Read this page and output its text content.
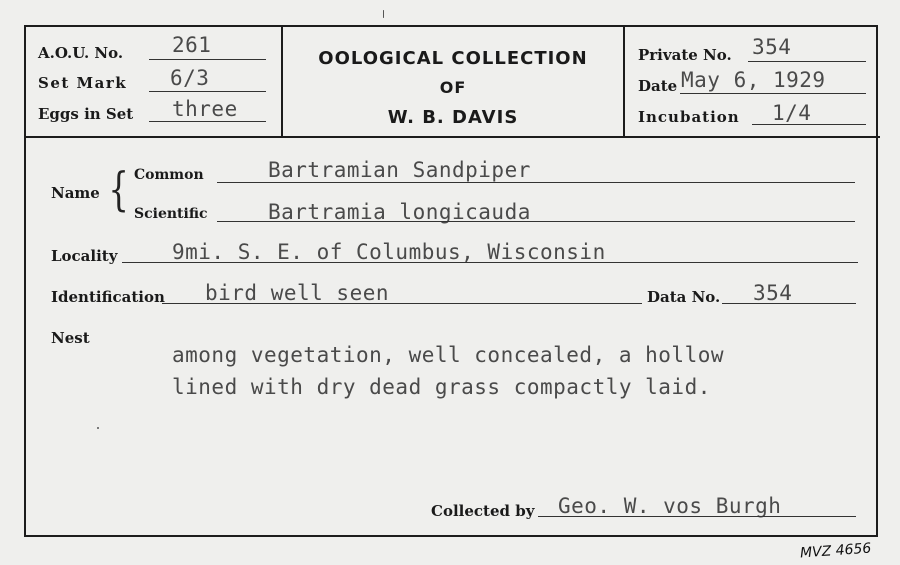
A.O.U. No. 261
Set Mark 6/3
Eggs in Set three
OOLOGICAL COLLECTION
OF
W. B. DAVIS
Private No. 354
Date May 6, 1929
Incubation 1/4
Name { Common	Bartramian Sandpiper
Scientific	Bartramia longicauda
Locality	9mi. S. E. of Columbus, Wisconsin
Identification bird well seen	Data No. 354
Nest
among vegetation, well concealed, a hollow
lined with dry dead grass compactly laid.
Collected by Geo. W. vos Burgh
MVZ 4656
